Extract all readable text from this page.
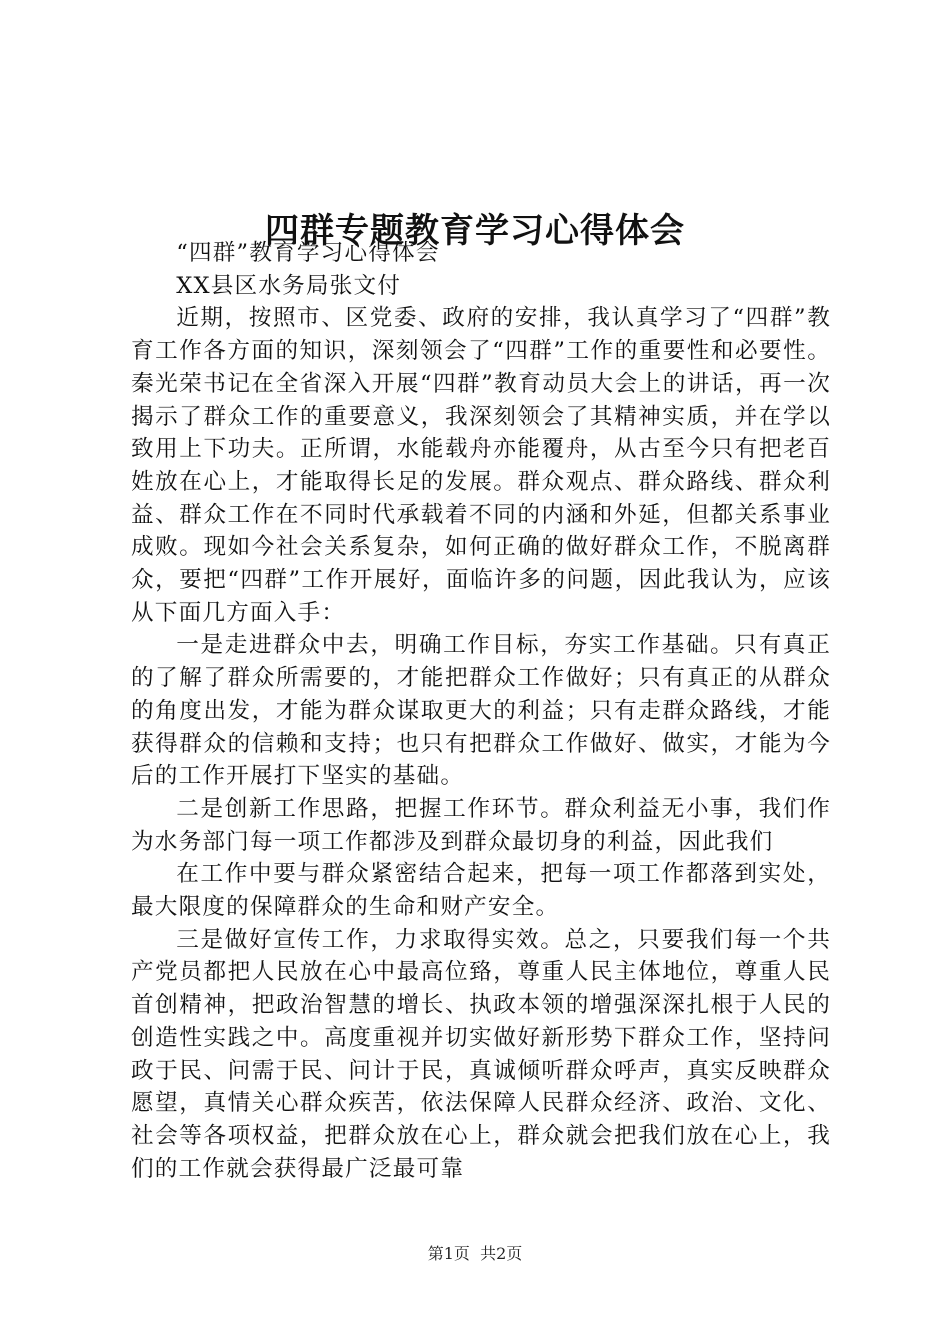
四群专题教育学习心得体会

“四群”教育学习心得体会

XX县区水务局张文付

近期，按照市、区党委、政府的安排，我认真学习了“四群”教育工作各方面的知识，深刻领会了“四群”工作的重要性和必要性。秦光荣书记在全省深入开展“四群”教育动员大会上的讲话，再一次揭示了群众工作的重要意义，我深刻领会了其精神实质，并在学以致用上下功夫。正所谓，水能载舟亦能覆舟，从古至今只有把老百姓放在心上，才能取得长足的发展。群众观点、群众路线、群众利益、群众工作在不同时代承载着不同的内涵和外延，但都关系事业成败。现如今社会关系复杂，如何正确的做好群众工作，不脱离群众，要把“四群”工作开展好，面临许多的问题，因此我认为，应该从下面几方面入手：

一是走进群众中去，明确工作目标，夯实工作基础。只有真正的了解了群众所需要的，才能把群众工作做好；只有真正的从群众的角度出发，才能为群众谋取更大的利益；只有走群众路线，才能获得群众的信赖和支持；也只有把群众工作做好、做实，才能为今后的工作开展打下坚实的基础。

二是创新工作思路，把握工作环节。群众利益无小事，我们作为水务部门每一项工作都涉及到群众最切身的利益，因此我们

在工作中要与群众紧密结合起来，把每一项工作都落到实处，最大限度的保障群众的生命和财产安全。

三是做好宣传工作，力求取得实效。总之，只要我们每一个共产党员都把人民放在心中最高位臵，尊重人民主体地位，尊重人民首创精神，把政治智慧的增长、执政本领的增强深深扎根于人民的创造性实践之中。高度重视并切实做好新形势下群众工作，坚持问政于民、问需于民、问计于民，真诚倾听群众呼声，真实反映群众愿望，真情关心群众疾苦，依法保障人民群众经济、政治、文化、社会等各项权益，把群众放在心上，群众就会把我们放在心上，我们的工作就会获得最广泛最可靠

第1页 共2页
